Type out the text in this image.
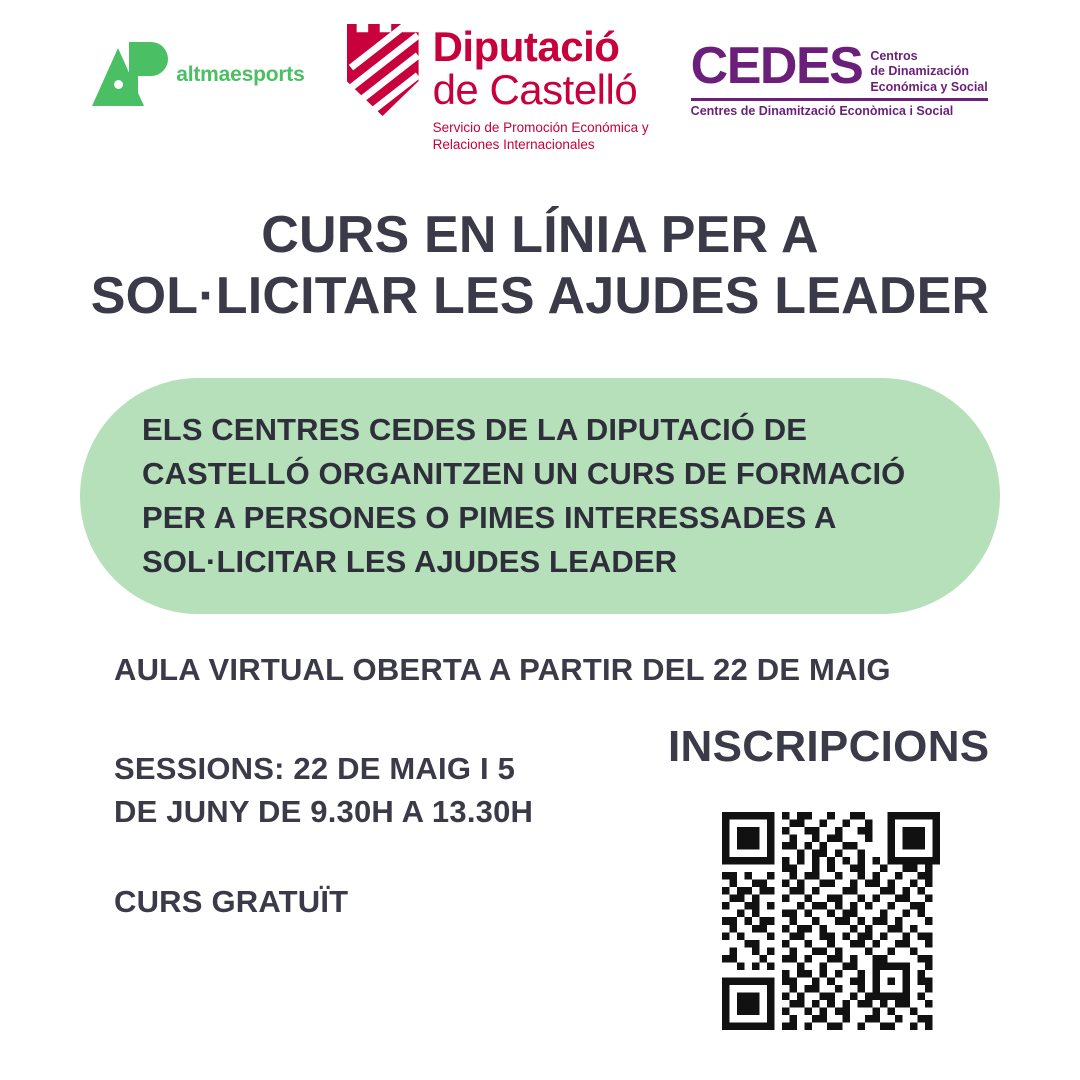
altmaesports
Diputació
de Castelló
Servicio de Promoción Económica y
Relaciones Internacionales
CEDES Centros
de Dinamización
Económica y Social
Centres de Dinamització Econòmica i Social
CURS EN LÍNIA PER A
SOL·LICITAR LES AJUDES LEADER
ELS CENTRES CEDES DE LA DIPUTACIÓ DE
CASTELLÓ ORGANITZEN UN CURS DE FORMACIÓ
PER A PERSONES O PIMES INTERESSADES A
SOL·LICITAR LES AJUDES LEADER
AULA VIRTUAL OBERTA A PARTIR DEL 22 DE MAIG
SESSIONS: 22 DE MAIG I 5
DE JUNY DE 9.30H A 13.30H
CURS GRATUÏT
INSCRIPCIONS
